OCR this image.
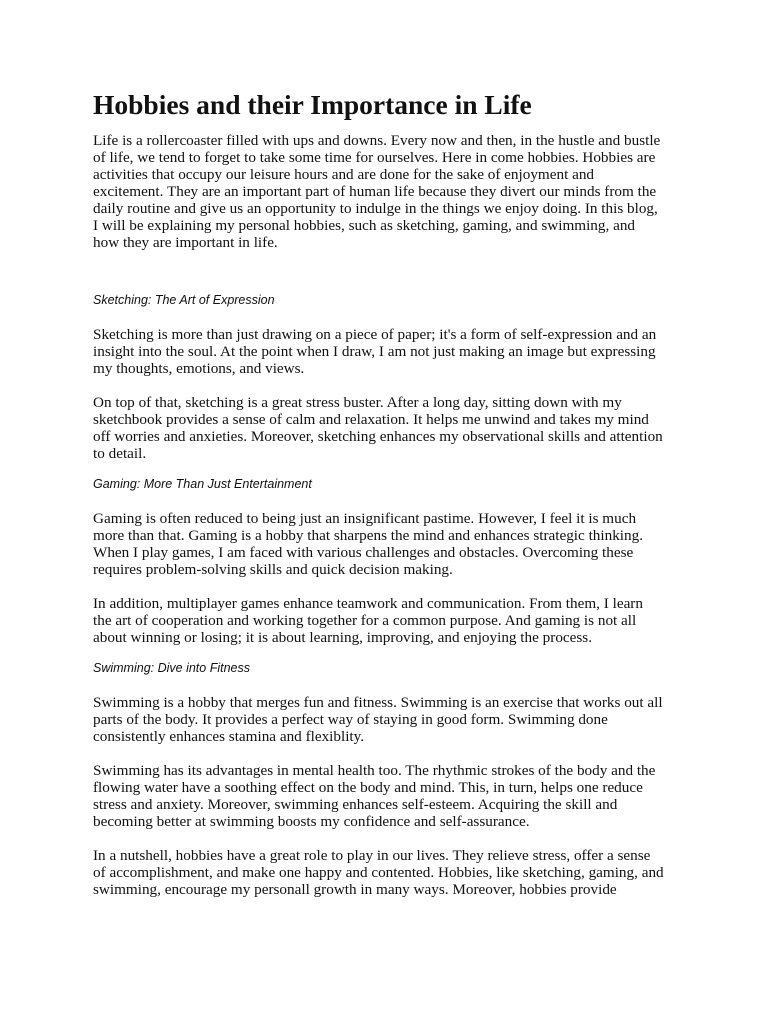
Hobbies and their Importance in Life

Life is a rollercoaster filled with ups and downs. Every now and then, in the hustle and bustle
of life, we tend to forget to take some time for ourselves. Here in come hobbies. Hobbies are
activities that occupy our leisure hours and are done for the sake of enjoyment and
excitement. They are an important part of human life because they divert our minds from the
daily routine and give us an opportunity to indulge in the things we enjoy doing. In this blog,
I will be explaining my personal hobbies, such as sketching, gaming, and swimming, and
how they are important in life.

Sketching: The Art of Expression

Sketching is more than just drawing on a piece of paper; it's a form of self-expression and an
insight into the soul. At the point when I draw, I am not just making an image but expressing
my thoughts, emotions, and views.

On top of that, sketching is a great stress buster. After a long day, sitting down with my
sketchbook provides a sense of calm and relaxation. It helps me unwind and takes my mind
off worries and anxieties. Moreover, sketching enhances my observational skills and attention
to detail.

Gaming: More Than Just Entertainment

Gaming is often reduced to being just an insignificant pastime. However, I feel it is much
more than that. Gaming is a hobby that sharpens the mind and enhances strategic thinking.
When I play games, I am faced with various challenges and obstacles. Overcoming these
requires problem-solving skills and quick decision making.

In addition, multiplayer games enhance teamwork and communication. From them, I learn
the art of cooperation and working together for a common purpose. And gaming is not all
about winning or losing; it is about learning, improving, and enjoying the process.

Swimming: Dive into Fitness

Swimming is a hobby that merges fun and fitness. Swimming is an exercise that works out all
parts of the body. It provides a perfect way of staying in good form. Swimming done
consistently enhances stamina and flexiblity.

Swimming has its advantages in mental health too. The rhythmic strokes of the body and the
flowing water have a soothing effect on the body and mind. This, in turn, helps one reduce
stress and anxiety. Moreover, swimming enhances self-esteem. Acquiring the skill and
becoming better at swimming boosts my confidence and self-assurance.

In a nutshell, hobbies have a great role to play in our lives. They relieve stress, offer a sense
of accomplishment, and make one happy and contented. Hobbies, like sketching, gaming, and
swimming, encourage my personall growth in many ways. Moreover, hobbies provide
